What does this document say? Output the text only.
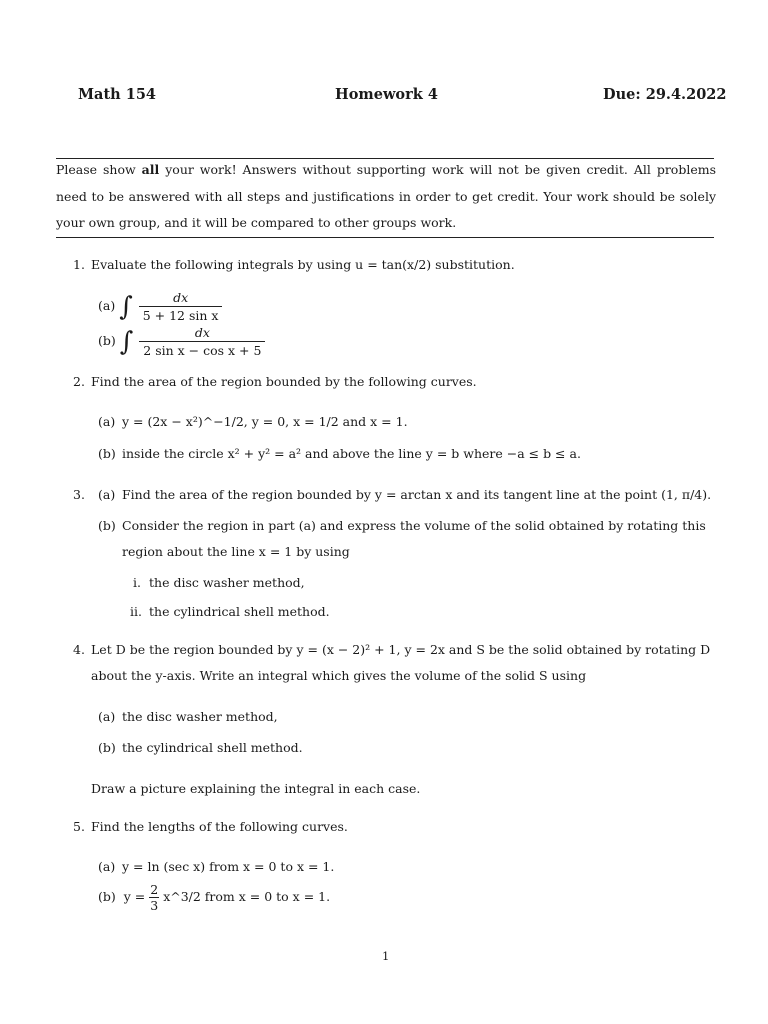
Math 154	Homework 4	Due: 29.4.2022
Please show all your work! Answers without supporting work will not be given credit. All problems need to be answered with all steps and justifications in order to get credit. Your work should be solely your own group, and it will be compared to other groups work.
1. Evaluate the following integrals by using u = tan(x/2) substitution.
(a) ∫ $\frac{dx}{\text{5 + 12 sin x}}$
(b) ∫ $\frac{dx}{\text{2 sin x − cos x + 5}}$
2. Find the area of the region bounded by the following curves.
(a) y = (2x − x²)^−1/2, y = 0, x = 1/2 and x = 1.
(b) inside the circle x² + y² = a² and above the line y = b where −a ≤ b ≤ a.
3. (a) Find the area of the region bounded by y = arctan x and its tangent line at the point (1, π/4).
(b) Consider the region in part (a) and express the volume of the solid obtained by rotating this
region about the line x = 1 by using
i. the disc washer method,
ii. the cylindrical shell method.
4. Let D be the region bounded by y = (x − 2)² + 1, y = 2x and S be the solid obtained by rotating D
about the y-axis. Write an integral which gives the volume of the solid S using
(a) the disc washer method,
(b) the cylindrical shell method.
Draw a picture explaining the integral in each case.
5. Find the lengths of the following curves.
(a) y = ln (sec x) from x = 0 to x = 1.
(b) $y = \frac{2}{3}$ x^3/2 from x = 0 to x = 1.
1
